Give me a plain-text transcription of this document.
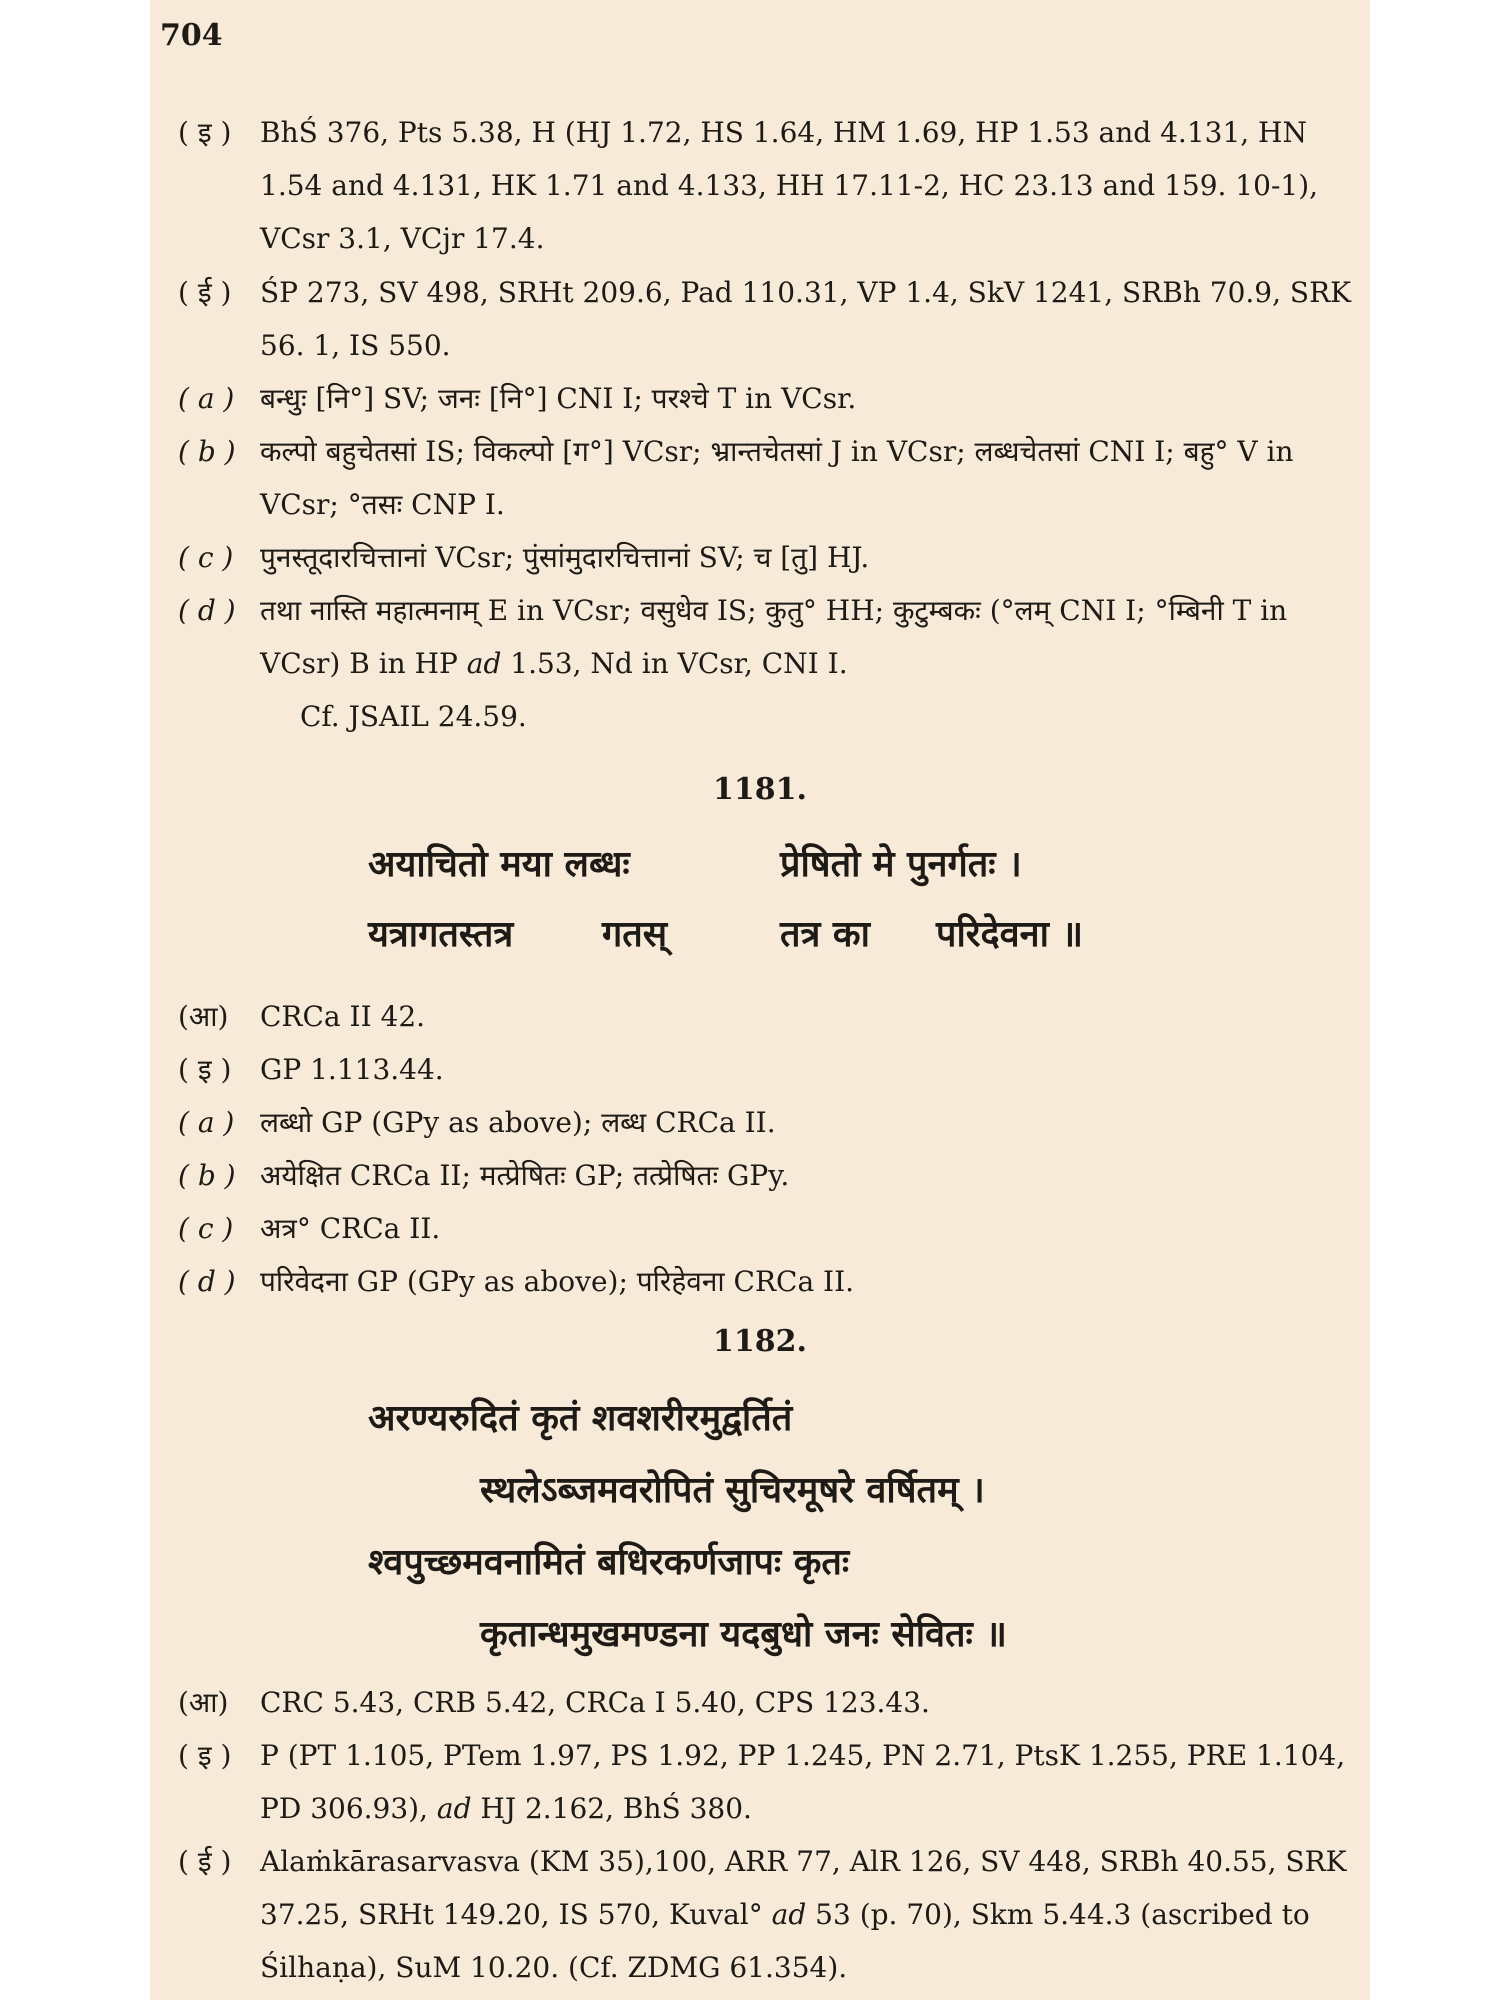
704
( इ )	BhŚ 376, Pts 5.38, H (HJ 1.72, HS 1.64, HM 1.69, HP 1.53 and 4.131, HN 1.54 and 4.131, HK 1.71 and 4.133, HH 17.11-2, HC 23.13 and 159. 10-1), VCsr 3.1, VCjr 17.4.
( ई )	ŚP 273, SV 498, SRHt 209.6, Pad 110.31, VP 1.4, SkV 1241, SRBh 70.9, SRK 56. 1, IS 550.
( a ) बन्धुः [नि°] SV; जनः [नि°] CNI I; परश्चे T in VCsr.
( b ) कल्पो बहुचेतसां IS; विकल्पो [ग°] VCsr; भ्रान्तचेतसां J in VCsr; लब्धचेतसां CNI I; बहु° V in VCsr; °तसः CNP I.
( c ) पुनस्तूदारचित्तानां VCsr; पुंसांमुदारचित्तानां SV; च [तु] HJ.
( d ) तथा नास्ति महात्मनाम् E in VCsr; वसुधेव IS; कुतु° HH; कुटुम्बकः (°लम् CNI I; °म्बिनी T in VCsr) B in HP ad 1.53, Nd in VCsr, CNI I.
Cf. JSAIL 24.59.
1181.
अयाचितो मया लब्धः	प्रेषितो मे पुनर्गतः ।
यत्रागतस्तत्र गतस्	तत्र का परिदेवना ॥
(आ)	CRCa II 42.
( इ )	GP 1.113.44.
( a ) लब्धो GP (GPy as above); लब्ध CRCa II.
( b ) अयेक्षित CRCa II; मत्प्रेषितः GP; तत्प्रेषितः GPy.
( c ) अत्र° CRCa II.
( d ) परिवेदना GP (GPy as above); परिहेवना CRCa II.
1182.
अरण्यरुदितं कृतं शवशरीरमुद्वर्तितं
स्थलेऽब्जमवरोपितं सुचिरमूषरे वर्षितम् ।
श्वपुच्छमवनामितं बधिरकर्णजापः कृतः
कृतान्धमुखमण्डना यदबुधो जनः सेवितः ॥
(आ)	CRC 5.43, CRB 5.42, CRCa I 5.40, CPS 123.43.
( इ )	P (PT 1.105, PTem 1.97, PS 1.92, PP 1.245, PN 2.71, PtsK 1.255, PRE 1.104, PD 306.93), ad HJ 2.162, BhŚ 380.
( ई )	Alaṁkārasarvasva (KM 35),100, ARR 77, AlR 126, SV 448, SRBh 40.55, SRK 37.25, SRHt 149.20, IS 570, Kuval° ad 53 (p. 70), Skm 5.44.3 (ascribed to Śilhaṇa), SuM 10.20. (Cf. ZDMG 61.354).
